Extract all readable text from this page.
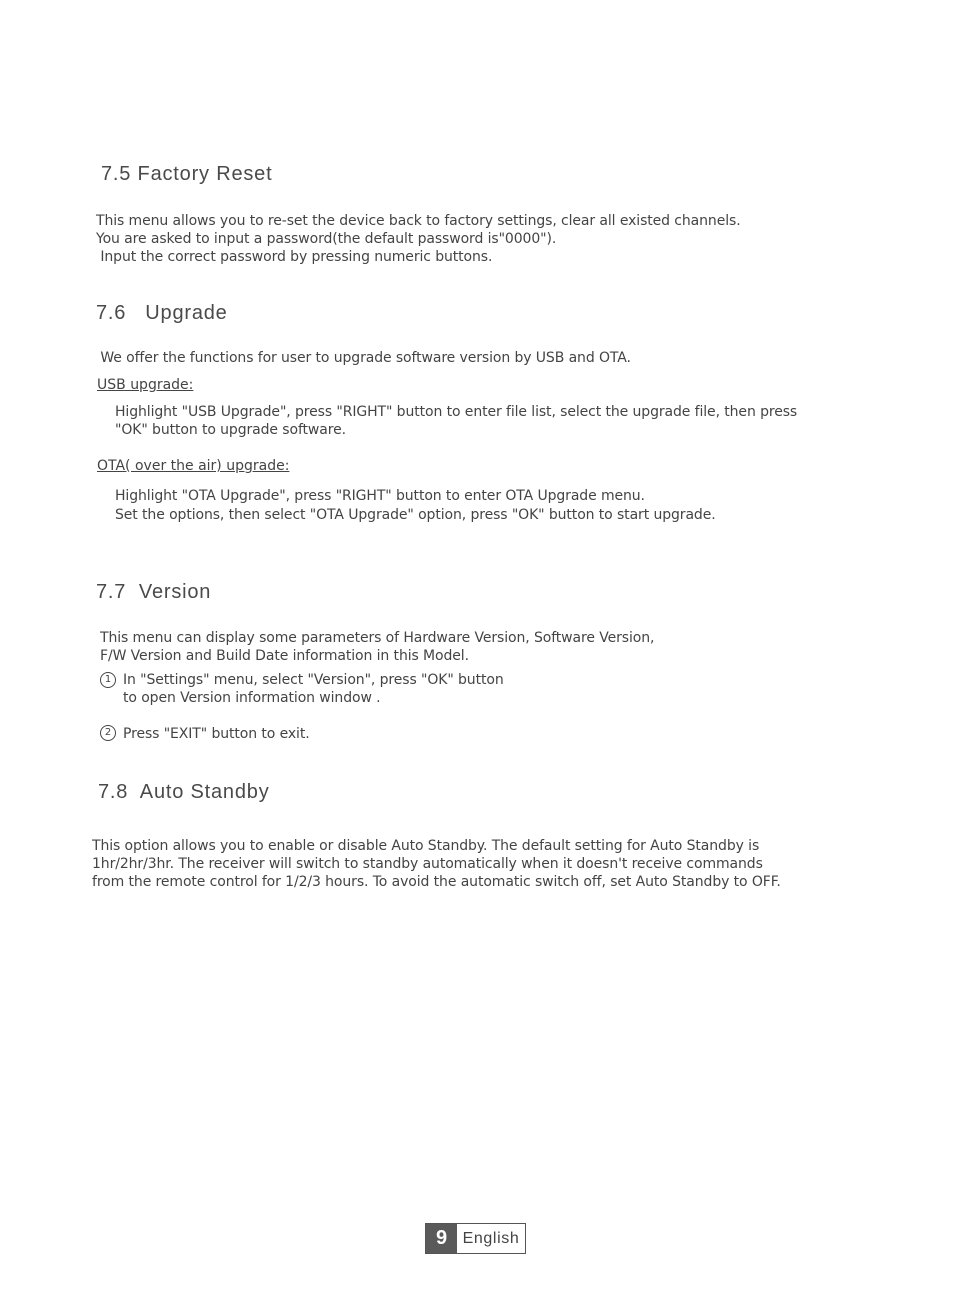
7.5 Factory Reset

This menu allows you to re-set the device back to factory settings, clear all existed channels.

You are asked to input a password(the default password is"0000").

Input the correct password by pressing numeric buttons.

7.6   Upgrade

We offer the functions for user to upgrade software version by USB and OTA.

USB upgrade:

Highlight "USB Upgrade", press "RIGHT" button to enter file list, select the upgrade file, then press

"OK" button to upgrade software.

OTA( over the air) upgrade:

Highlight "OTA Upgrade", press "RIGHT" button to enter OTA Upgrade menu.

Set the options, then select "OTA Upgrade" option, press "OK" button to start upgrade.

7.7  Version

This menu can display some parameters of Hardware Version, Software Version,

F/W Version and Build Date information in this Model.

1 In "Settings" menu, select "Version", press "OK" button

to open Version information window .

2 Press "EXIT" button to exit.

7.8  Auto Standby

This option allows you to enable or disable Auto Standby. The default setting for Auto Standby is

1hr/2hr/3hr. The receiver will switch to standby automatically when it doesn't receive commands

from the remote control for 1/2/3 hours. To avoid the automatic switch off, set Auto Standby to OFF.

9 English
